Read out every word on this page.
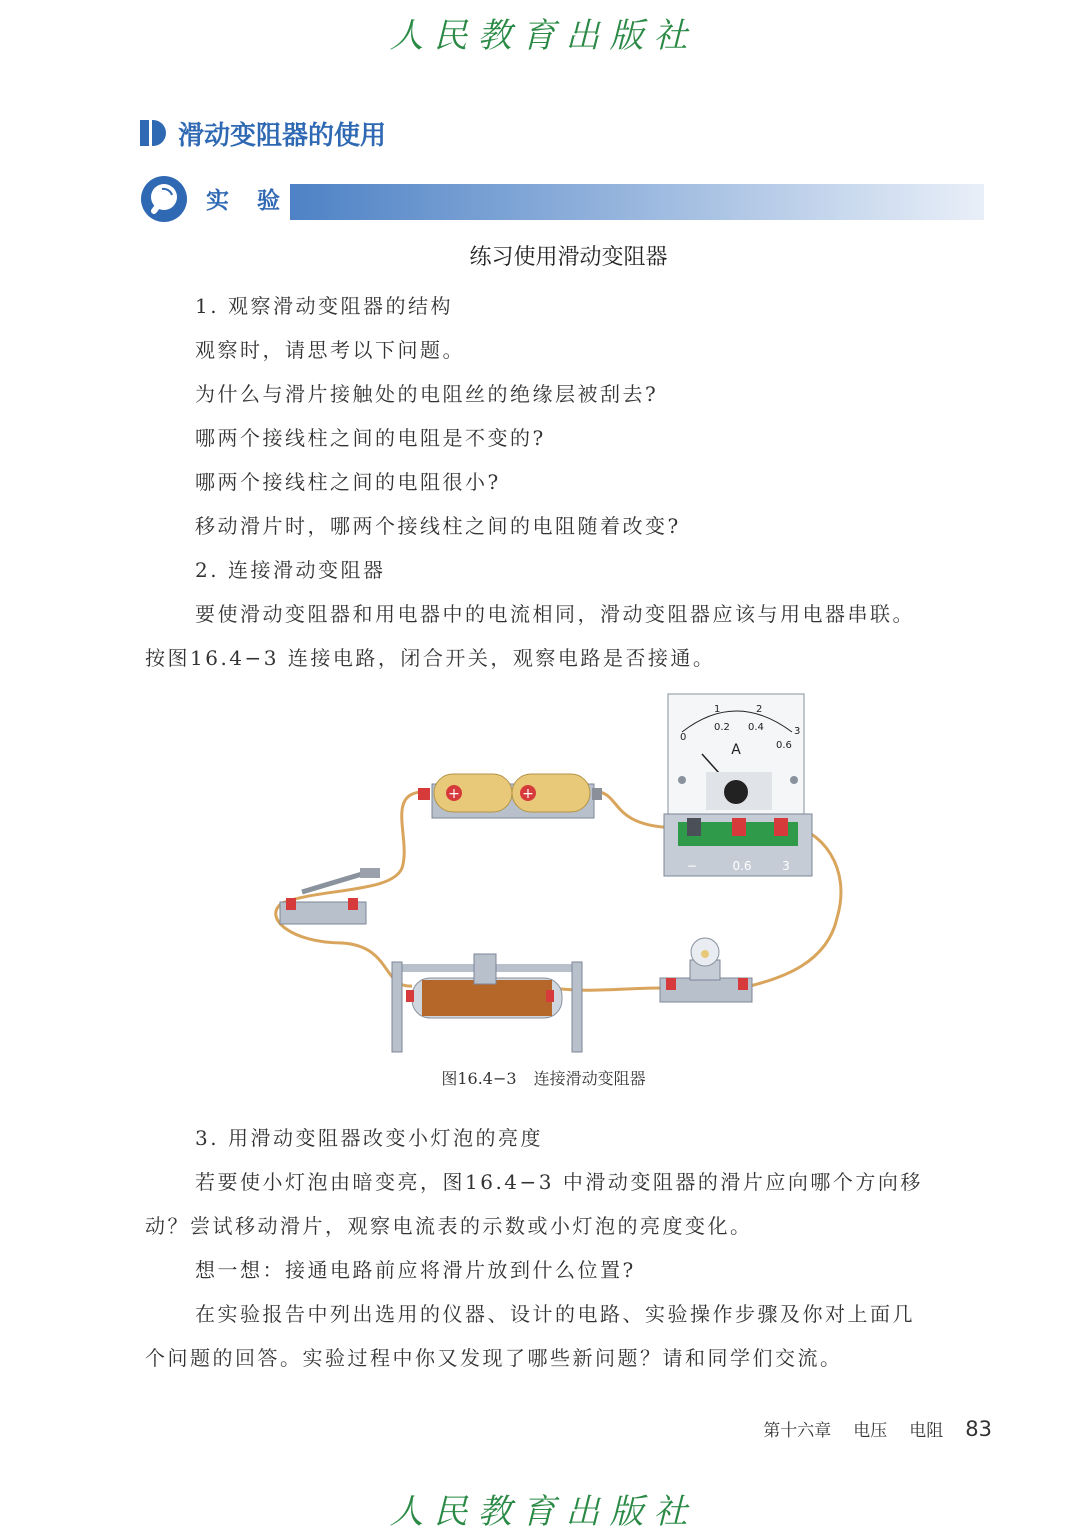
人民教育出版社
滑动变阻器的使用
实 验
练习使用滑动变阻器

1. 观察滑动变阻器的结构

观察时，请思考以下问题。

为什么与滑片接触处的电阻丝的绝缘层被刮去?

哪两个接线柱之间的电阻是不变的?

哪两个接线柱之间的电阻很小?

移动滑片时，哪两个接线柱之间的电阻随着改变?

2. 连接滑动变阻器

要使滑动变阻器和用电器中的电流相同，滑动变阻器应该与用电器串联。

按图16.4−3 连接电路，闭合开关，观察电路是否接通。

+	+
1	2
3
0
0.2 0.4
0.6
A
−	0.6	3
图16.4−3 连接滑动变阻器

3. 用滑动变阻器改变小灯泡的亮度

若要使小灯泡由暗变亮，图16.4−3 中滑动变阻器的滑片应向哪个方向移

动？尝试移动滑片，观察电流表的示数或小灯泡的亮度变化。

想一想：接通电路前应将滑片放到什么位置?

在实验报告中列出选用的仪器、设计的电路、实验操作步骤及你对上面几

个问题的回答。实验过程中你又发现了哪些新问题？请和同学们交流。

第十六章 电压 电阻 83
人民教育出版社
